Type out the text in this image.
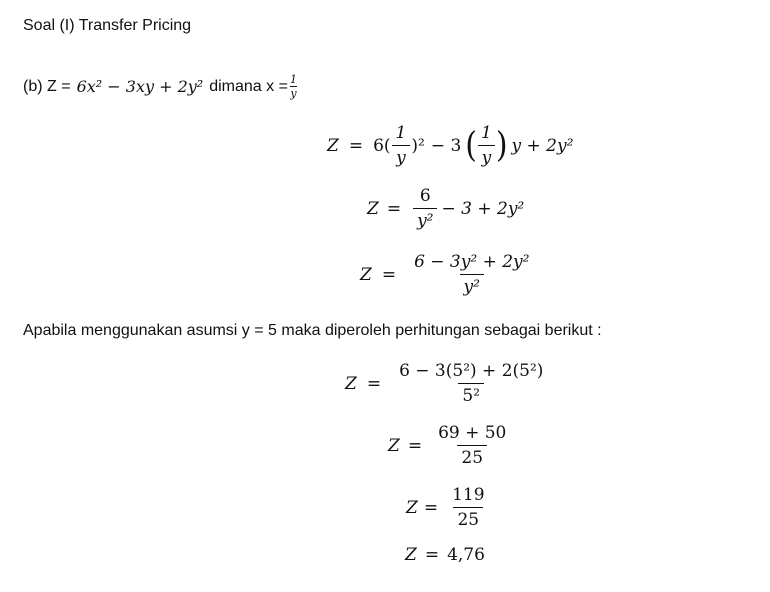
Soal (I) Transfer Pricing
(b) Z = 6x² − 3xy + 2y² dimana $x = \frac{1}{y}$
$Z = 6( \frac{1}{y} )^2 - 3$ ( $\frac{1}{y}$ ) y + 2y²
$Z = \frac{6}{\text{y²}} - 3 + 2y^2$
$Z = \frac{\text{6 − 3y² + 2y²}}{\text{y²}}$
Apabila menggunakan asumsi y = 5 maka diperoleh perhitungan sebagai berikut :
$Z = \frac{\text{6 − 3(5²) + 2(5²)}}{\text{5²}}$
$Z = \frac{69 + 50}{25}$
$Z = \frac{119}{25}$
Z = 4,76
